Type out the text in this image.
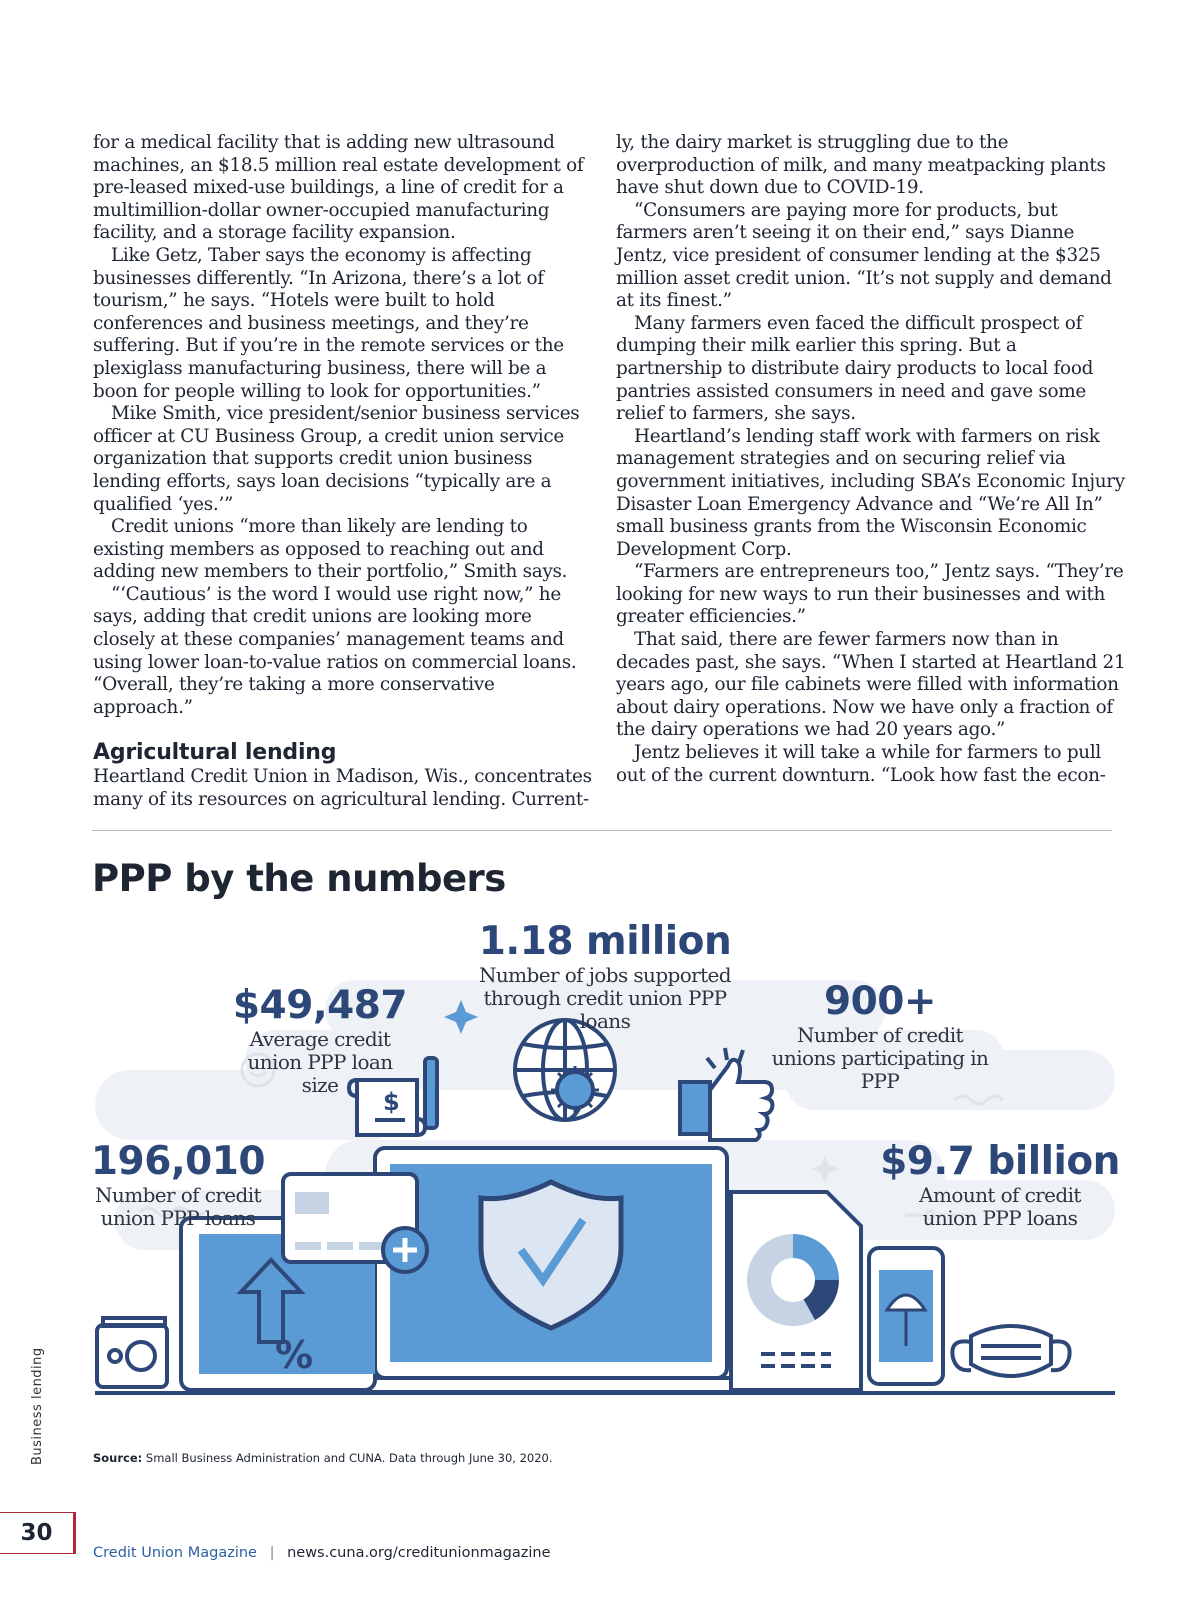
for a medical facility that is adding new ultrasound machines, an $18.5 million real estate development of pre-leased mixed-use buildings, a line of credit for a multimillion-dollar owner-occupied manufacturing facility, and a storage facility expansion.

Like Getz, Taber says the economy is affecting businesses differently. “In Arizona, there’s a lot of tourism,” he says. “Hotels were built to hold conferences and business meetings, and they’re suffering. But if you’re in the remote services or the plexiglass manufacturing business, there will be a boon for people willing to look for opportunities.”

Mike Smith, vice president/senior business services officer at CU Business Group, a credit union service organization that supports credit union business lending efforts, says loan decisions “typically are a qualified ‘yes.’”

Credit unions “more than likely are lending to existing members as opposed to reaching out and adding new members to their portfolio,” Smith says.

“‘Cautious’ is the word I would use right now,” he says, adding that credit unions are looking more closely at these companies’ management teams and using lower loan-to-value ratios on commercial loans. “Overall, they’re taking a more conservative approach.”

Agricultural lending

Heartland Credit Union in Madison, Wis., concentrates many of its resources on agricultural lending. Current-

ly, the dairy market is struggling due to the overproduction of milk, and many meatpacking plants have shut down due to COVID-19.

“Consumers are paying more for products, but farmers aren’t seeing it on their end,” says Dianne Jentz, vice president of consumer lending at the $325 million asset credit union. “It’s not supply and demand at its finest.”

Many farmers even faced the difficult prospect of dumping their milk earlier this spring. But a partnership to distribute dairy products to local food pantries assisted consumers in need and gave some relief to farmers, she says.

Heartland’s lending staff work with farmers on risk management strategies and on securing relief via government initiatives, including SBA’s Economic Injury Disaster Loan Emergency Advance and “We’re All In” small business grants from the Wisconsin Economic Development Corp.

“Farmers are entrepreneurs too,” Jentz says. “They’re looking for new ways to run their businesses and with greater efficiencies.”

That said, there are fewer farmers now than in decades past, she says. “When I started at Heartland 21 years ago, our file cabinets were filled with information about dairy operations. Now we have only a fraction of the dairy operations we had 20 years ago.”

Jentz believes it will take a while for farmers to pull out of the current downturn. “Look how fast the econ-

PPP by the numbers
$
%
1.18 million
Number of jobs supported through credit union PPP loans
$49,487
Average credit union PPP loan size
900+
Number of credit unions participating in PPP
196,010
Number of credit union PPP loans
$9.7 billion
Amount of credit union PPP loans
Source: Small Business Administration and CUNA. Data through June 30, 2020.
Business lending
30
Credit Union Magazine | news.cuna.org/creditunionmagazine
